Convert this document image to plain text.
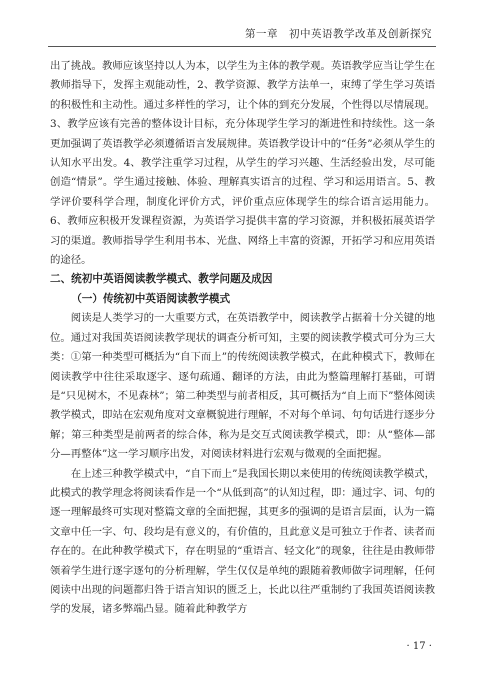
第一章　初中英语教学改革及创新探究

出了挑战。教师应该坚持以人为本，以学生为主体的教学观。英语教学应当让学生在教师指导下，发挥主观能动性，2、教学资源、教学方法单一，束缚了学生学习英语的积极性和主动性。通过多样性的学习，让个体的到充分发展，个性得以尽情展现。3、教学应该有完善的整体设计目标，充分体现学生学习的渐进性和持续性。这一条更加强调了英语教学必须遵循语言发展规律。英语教学设计中的“任务”必须从学生的认知水平出发。4、教学注重学习过程，从学生的学习兴趣、生活经验出发，尽可能创造“情景”。学生通过接触、体验、理解真实语言的过程、学习和运用语言。5、教学评价要科学合理，制度化评价方式，评价重点应体现学生的综合语言运用能力。6、教师应积极开发课程资源，为英语学习提供丰富的学习资源，并积极拓展英语学习的渠道。教师指导学生利用书本、光盘、网络上丰富的资源，开拓学习和应用英语的途径。

二、统初中英语阅读教学模式、教学问题及成因
（一）传统初中英语阅读教学模式

阅读是人类学习的一大重要方式，在英语教学中，阅读教学占据着十分关键的地位。通过对我国英语阅读教学现状的调查分析可知，主要的阅读教学模式可分为三大类：①第一种类型可概括为“自下而上”的传统阅读教学模式，在此种模式下，教师在阅读教学中往往采取逐字、逐句疏通、翻译的方法，由此为整篇理解打基础，可谓是“只见树木，不见森林”；第二种类型与前者相反，其可概括为“自上而下”整体阅读教学模式，即站在宏观角度对文章概貌进行理解，不对每个单词、句句话进行逐步分解；第三种类型是前两者的综合体，称为是交互式阅读教学模式，即：从“整体—部分—再整体”这一学习顺序出发，对阅读材料进行宏观与微观的全面把握。

在上述三种教学模式中，“自下而上”是我国长期以来使用的传统阅读教学模式，此模式的教学理念将阅读看作是一个“从低到高”的认知过程，即：通过字、词、句的逐一理解最终可实现对整篇文章的全面把握，其更多的强调的是语言层面，认为一篇文章中任一字、句、段均是有意义的，有价值的，且此意义是可独立于作者、读者而存在的。在此种教学模式下，存在明显的“重语言、轻文化”的现象，往往是由教师带领着学生进行逐字逐句的分析理解，学生仅仅是单纯的跟随着教师做字词理解，任何阅读中出现的问题都归咎于语言知识的匮乏上，长此以往严重制约了我国英语阅读教学的发展，诸多弊端凸显。随着此种教学方

· 17 ·
